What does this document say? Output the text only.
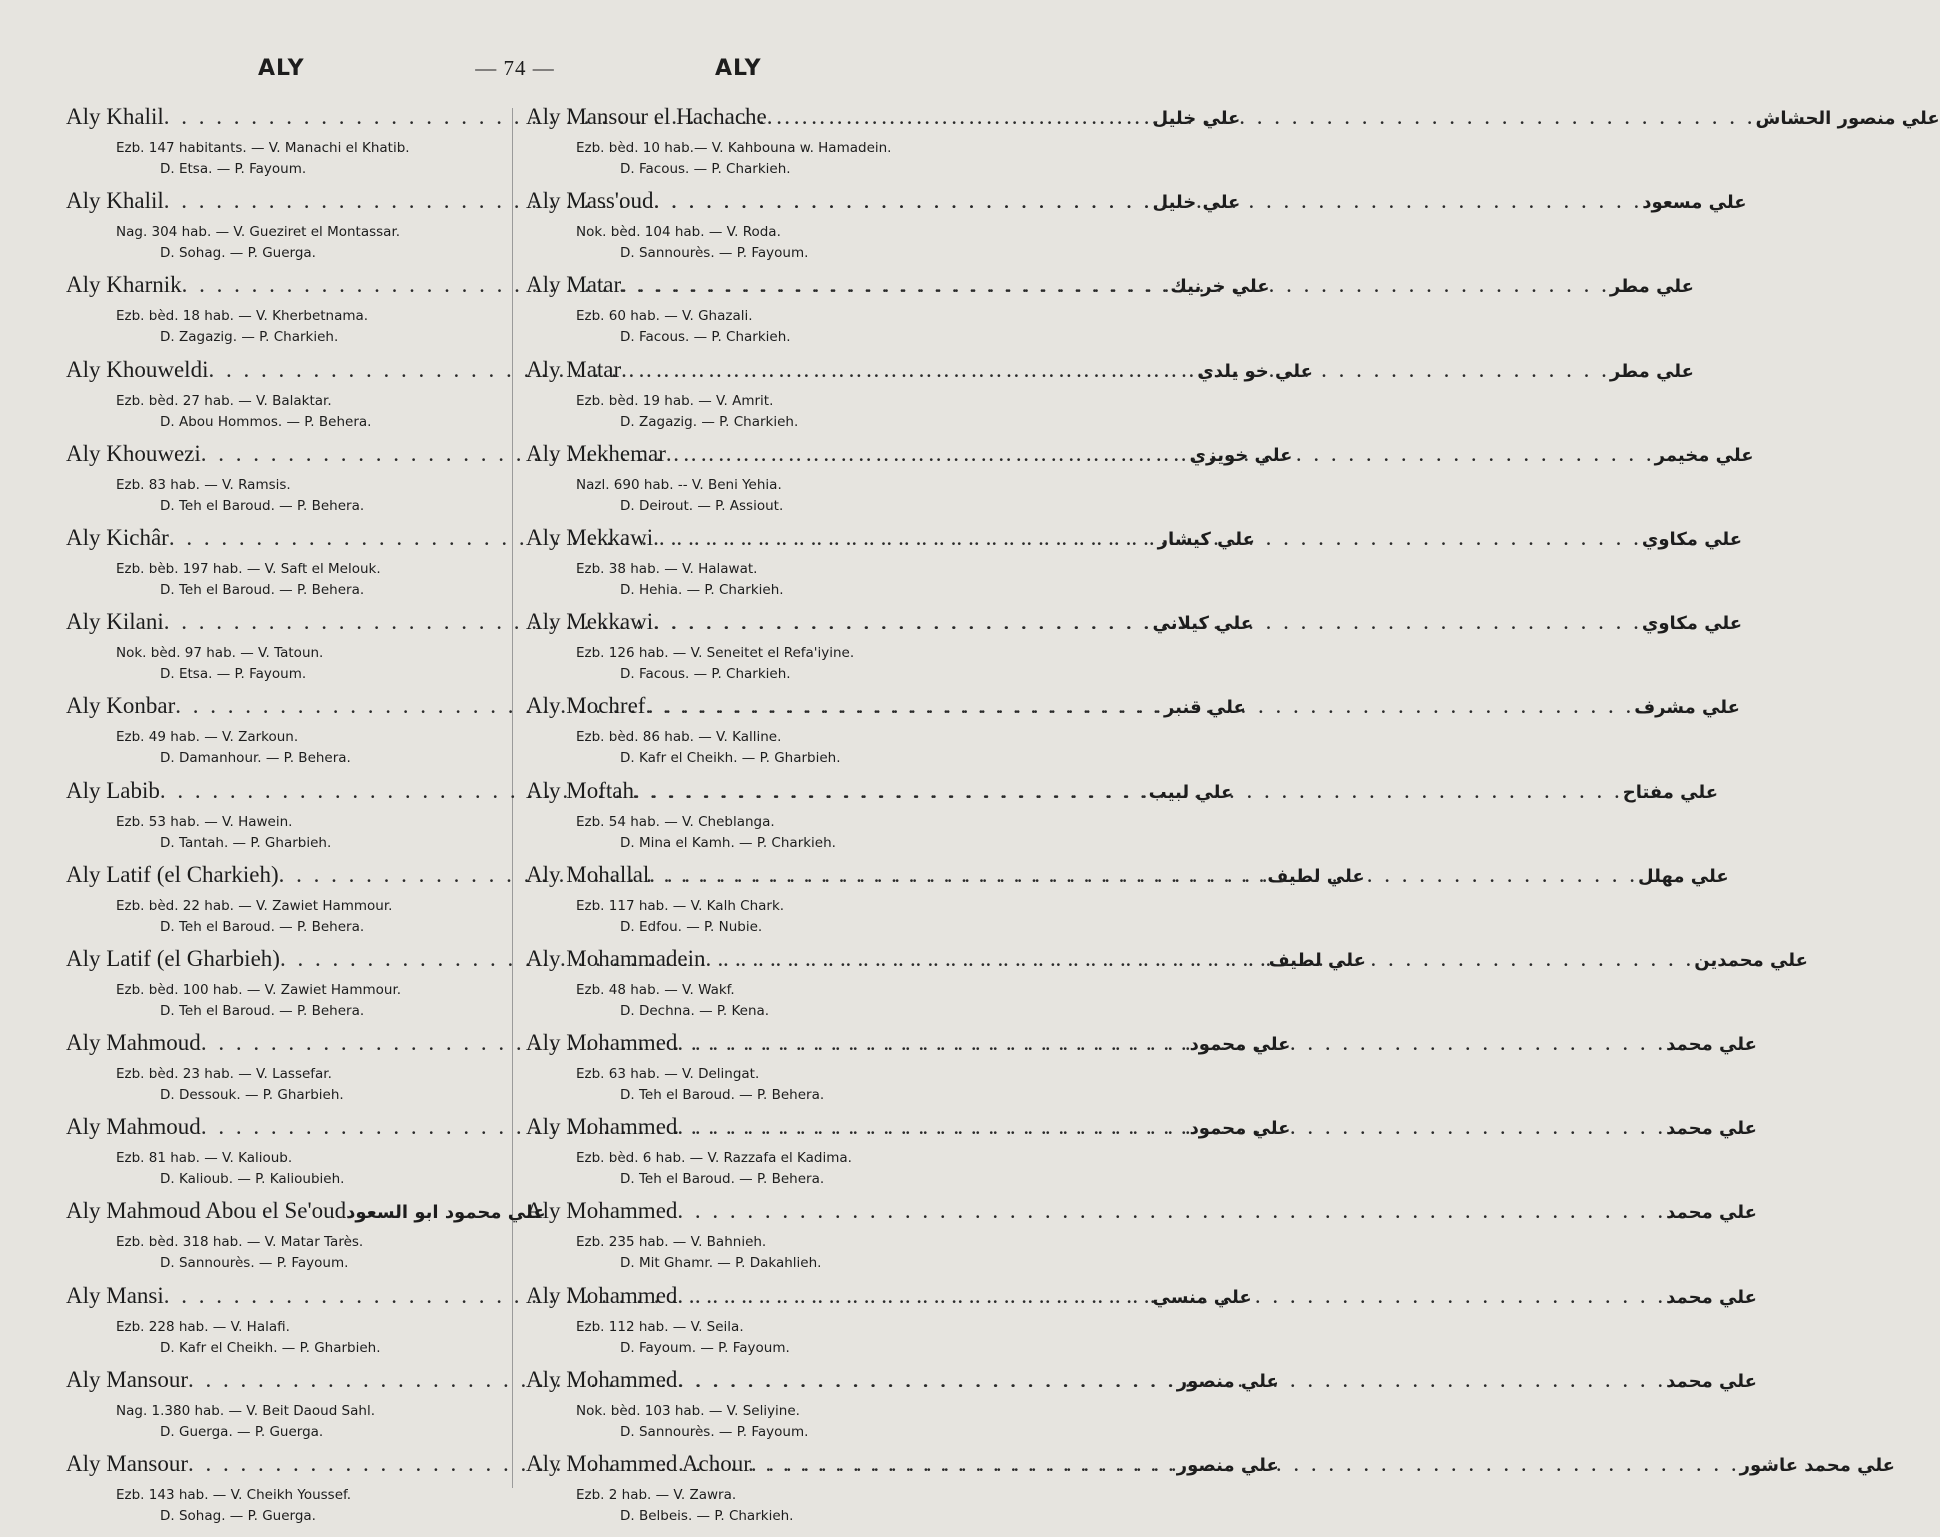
ALY	— 74 —	ALY
Aly Khalil . . .	علي خليل
Ezb. 147 habitants. — V. Manachi el Khatib.
D. Etsa. — P. Fayoum.
Aly Khalil . . .	علي خليل
Nag. 304 hab. — V. Gueziret el Montassar.
D. Sohag. — P. Guerga.
Aly Kharnik . . .	علي خرنيك
Ezb. bèd. 18 hab. — V. Kherbetnama.
D. Zagazig. — P. Charkieh.
Aly Khouweldi . . .	علي خو يلدي
Ezb. bèd. 27 hab. — V. Balaktar.
D. Abou Hommos. — P. Behera.
Aly Khouwezi . . .	علي خويزي
Ezb. 83 hab. — V. Ramsis.
D. Teh el Baroud. — P. Behera.
Aly Kichâr . . .	علي كيشار
Ezb. bèb. 197 hab. — V. Saft el Melouk.
D. Teh el Baroud. — P. Behera.
Aly Kilani . . .	علي كيلاني
Nok. bèd. 97 hab. — V. Tatoun.
D. Etsa. — P. Fayoum.
Aly Konbar . . .	علي قنبر
Ezb. 49 hab. — V. Zarkoun.
D. Damanhour. — P. Behera.
Aly Labib . . .	علي لبيب
Ezb. 53 hab. — V. Hawein.
D. Tantah. — P. Gharbieh.
Aly Latif (el Charkieh) . . .	علي لطيف
Ezb. bèd. 22 hab. — V. Zawiet Hammour.
D. Teh el Baroud. — P. Behera.
Aly Latif (el Gharbieh) . . .	علي لطيف
Ezb. bèd. 100 hab. — V. Zawiet Hammour.
D. Teh el Baroud. — P. Behera.
Aly Mahmoud . . .	علي محمود
Ezb. bèd. 23 hab. — V. Lassefar.
D. Dessouk. — P. Gharbieh.
Aly Mahmoud . . .	علي محمود
Ezb. 81 hab. — V. Kalioub.
D. Kalioub. — P. Kalioubieh.
Aly Mahmoud Abou el Se'oud علي محمود ابو السعود
Ezb. bèd. 318 hab. — V. Matar Tarès.
D. Sannourès. — P. Fayoum.
Aly Mansi . . .	علي منسي
Ezb. 228 hab. — V. Halafi.
D. Kafr el Cheikh. — P. Gharbieh.
Aly Mansour . . .	علي منصور
Nag. 1.380 hab. — V. Beit Daoud Sahl.
D. Guerga. — P. Guerga.
Aly Mansour . . .	علي منصور
Ezb. 143 hab. — V. Cheikh Youssef.
D. Sohag. — P. Guerga.
Aly Mansour el Hachache . . .	علي منصور الحشاش
Ezb. bèd. 10 hab.— V. Kahbouna w. Hamadein.
D. Facous. — P. Charkieh.
Aly Mass'oud . . .	علي مسعود
Nok. bèd. 104 hab. — V. Roda.
D. Sannourès. — P. Fayoum.
Aly Matar . . .	علي مطر
Ezb. 60 hab. — V. Ghazali.
D. Facous. — P. Charkieh.
Aly Matar . . .	علي مطر
Ezb. bèd. 19 hab. — V. Amrit.
D. Zagazig. — P. Charkieh.
Aly Mekhemar . . .	علي مخيمر
Nazl. 690 hab. -- V. Beni Yehia.
D. Deirout. — P. Assiout.
Aly Mekkawi . . .	علي مكاوي
Ezb. 38 hab. — V. Halawat.
D. Hehia. — P. Charkieh.
Aly Mekkawi . . .	علي مكاوي
Ezb. 126 hab. — V. Seneitet el Refa'iyine.
D. Facous. — P. Charkieh.
Aly Mochref . . .	علي مشرف
Ezb. bèd. 86 hab. — V. Kalline.
D. Kafr el Cheikh. — P. Gharbieh.
Aly Moftah . . .	علي مفتاح
Ezb. 54 hab. — V. Cheblanga.
D. Mina el Kamh. — P. Charkieh.
Aly Mohallal . . .	علي مهلل
Ezb. 117 hab. — V. Kalh Chark.
D. Edfou. — P. Nubie.
Aly Mohammadein . . .	علي محمدين
Ezb. 48 hab. — V. Wakf.
D. Dechna. — P. Kena.
Aly Mohammed . . .	علي محمد
Ezb. 63 hab. — V. Delingat.
D. Teh el Baroud. — P. Behera.
Aly Mohammed . . .	علي محمد
Ezb. bèd. 6 hab. — V. Razzafa el Kadima.
D. Teh el Baroud. — P. Behera.
Aly Mohammed . . .	علي محمد
Ezb. 235 hab. — V. Bahnieh.
D. Mit Ghamr. — P. Dakahlieh.
Aly Mohammed . . .	علي محمد
Ezb. 112 hab. — V. Seila.
D. Fayoum. — P. Fayoum.
Aly Mohammed . . .	علي محمد
Nok. bèd. 103 hab. — V. Seliyine.
D. Sannourès. — P. Fayoum.
Aly Mohammed Achour . . .	علي محمد عاشور
Ezb. 2 hab. — V. Zawra.
D. Belbeis. — P. Charkieh.
